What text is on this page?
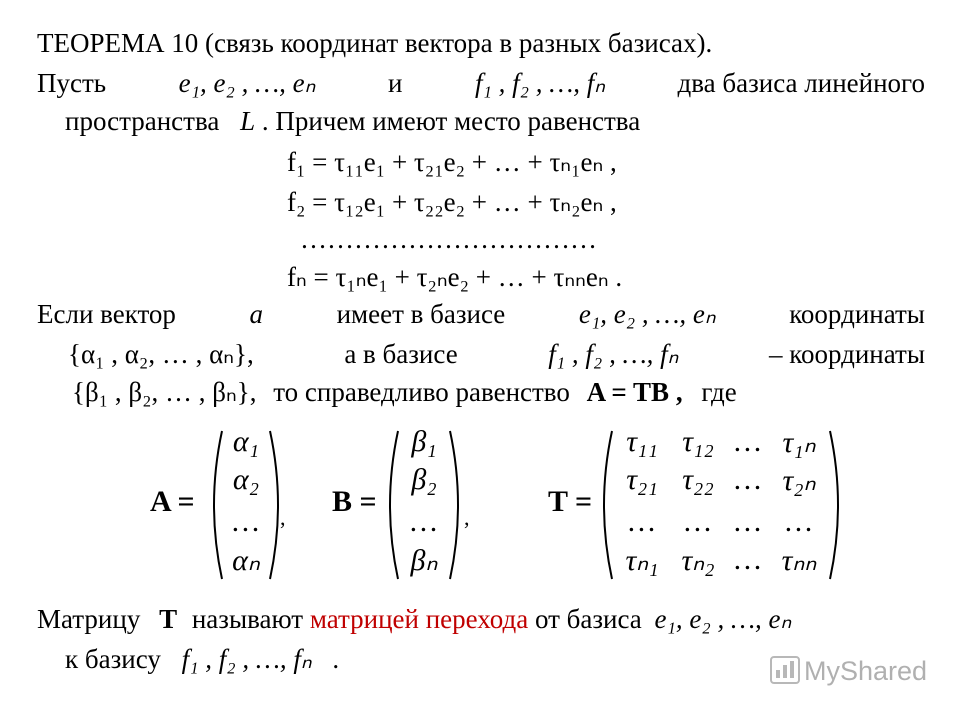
ТЕОРЕМА 10 (связь координат вектора в разных базисах).
Пусть	e₁, e₂ , …, eₙ	и	f₁ , f₂ , …, fₙ	два базиса линейного
пространства L . Причем имеют место равенства
f₁ = τ₁₁e₁ + τ₂₁e₂ + … + τₙ₁eₙ ,
f₂ = τ₁₂e₁ + τ₂₂e₂ + … + τₙ₂eₙ ,
……………………………
fₙ = τ₁ₙe₁ + τ₂ₙe₂ + … + τₙₙeₙ .
Если вектор	a	имеет в базисе	e₁, e₂ , …, eₙ	координаты
{α₁ , α₂, … , αₙ},	а в базисе	f₁ , f₂ , …, fₙ	– координаты
{β₁ , β₂, … , βₙ}, то справедливо равенство A = TB , где
A =
α₁
α₂
…
αₙ
, B =
β₁
β₂
…
βₙ
,	T =
τ₁₁ τ₁₂ … τ₁ₙ
τ₂₁ τ₂₂ … τ₂ₙ
… … … …
τₙ₁ τₙ₂ … τₙₙ
Матрицу T называют матрицей перехода от базиса e₁, e₂ , …, eₙ
к базису f₁ , f₂ , …, fₙ .	MyShared
